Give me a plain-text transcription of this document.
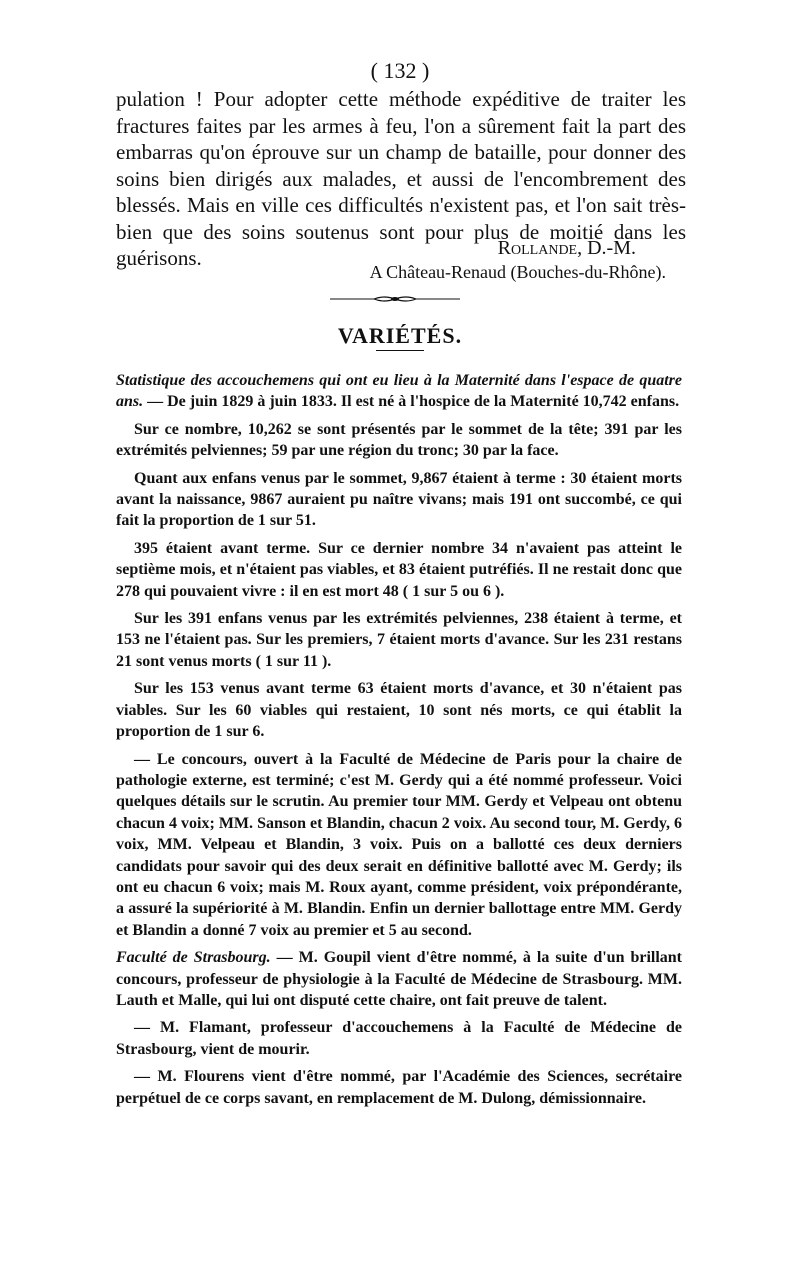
( 132 )

pulation ! Pour adopter cette méthode expéditive de traiter les fractures faites par les armes à feu, l'on a sûrement fait la part des embarras qu'on éprouve sur un champ de bataille, pour donner des soins bien dirigés aux malades, et aussi de l'encombrement des blessés. Mais en ville ces difficultés n'existent pas, et l'on sait très-bien que des soins soutenus sont pour plus de moitié dans les guérisons.	Rollande, D.-M.
A Château-Renaud (Bouches-du-Rhône).
VARIÉTÉS.

Statistique des accouchemens qui ont eu lieu à la Maternité dans l'espace de quatre ans. — De juin 1829 à juin 1833. Il est né à l'hospice de la Maternité 10,742 enfans.

Sur ce nombre, 10,262 se sont présentés par le sommet de la tête; 391 par les extrémités pelviennes; 59 par une région du tronc; 30 par la face.

Quant aux enfans venus par le sommet, 9,867 étaient à terme : 30 étaient morts avant la naissance, 9867 auraient pu naître vivans; mais 191 ont succombé, ce qui fait la proportion de 1 sur 51.

395 étaient avant terme. Sur ce dernier nombre 34 n'avaient pas atteint le septième mois, et n'étaient pas viables, et 83 étaient putréfiés. Il ne restait donc que 278 qui pouvaient vivre : il en est mort 48 ( 1 sur 5 ou 6 ).

Sur les 391 enfans venus par les extrémités pelviennes, 238 étaient à terme, et 153 ne l'étaient pas. Sur les premiers, 7 étaient morts d'avance. Sur les 231 restans 21 sont venus morts ( 1 sur 11 ).

Sur les 153 venus avant terme 63 étaient morts d'avance, et 30 n'étaient pas viables. Sur les 60 viables qui restaient, 10 sont nés morts, ce qui établit la proportion de 1 sur 6.

— Le concours, ouvert à la Faculté de Médecine de Paris pour la chaire de pathologie externe, est terminé; c'est M. Gerdy qui a été nommé professeur. Voici quelques détails sur le scrutin. Au premier tour MM. Gerdy et Velpeau ont obtenu chacun 4 voix; MM. Sanson et Blandin, chacun 2 voix. Au second tour, M. Gerdy, 6 voix, MM. Velpeau et Blandin, 3 voix. Puis on a ballotté ces deux derniers candidats pour savoir qui des deux serait en définitive ballotté avec M. Gerdy; ils ont eu chacun 6 voix; mais M. Roux ayant, comme président, voix prépondérante, a assuré la supériorité à M. Blandin. Enfin un dernier ballottage entre MM. Gerdy et Blandin a donné 7 voix au premier et 5 au second.

Faculté de Strasbourg. — M. Goupil vient d'être nommé, à la suite d'un brillant concours, professeur de physiologie à la Faculté de Médecine de Strasbourg. MM. Lauth et Malle, qui lui ont disputé cette chaire, ont fait preuve de talent.

— M. Flamant, professeur d'accouchemens à la Faculté de Médecine de Strasbourg, vient de mourir.

— M. Flourens vient d'être nommé, par l'Académie des Sciences, secrétaire perpétuel de ce corps savant, en remplacement de M. Dulong, démissionnaire.
